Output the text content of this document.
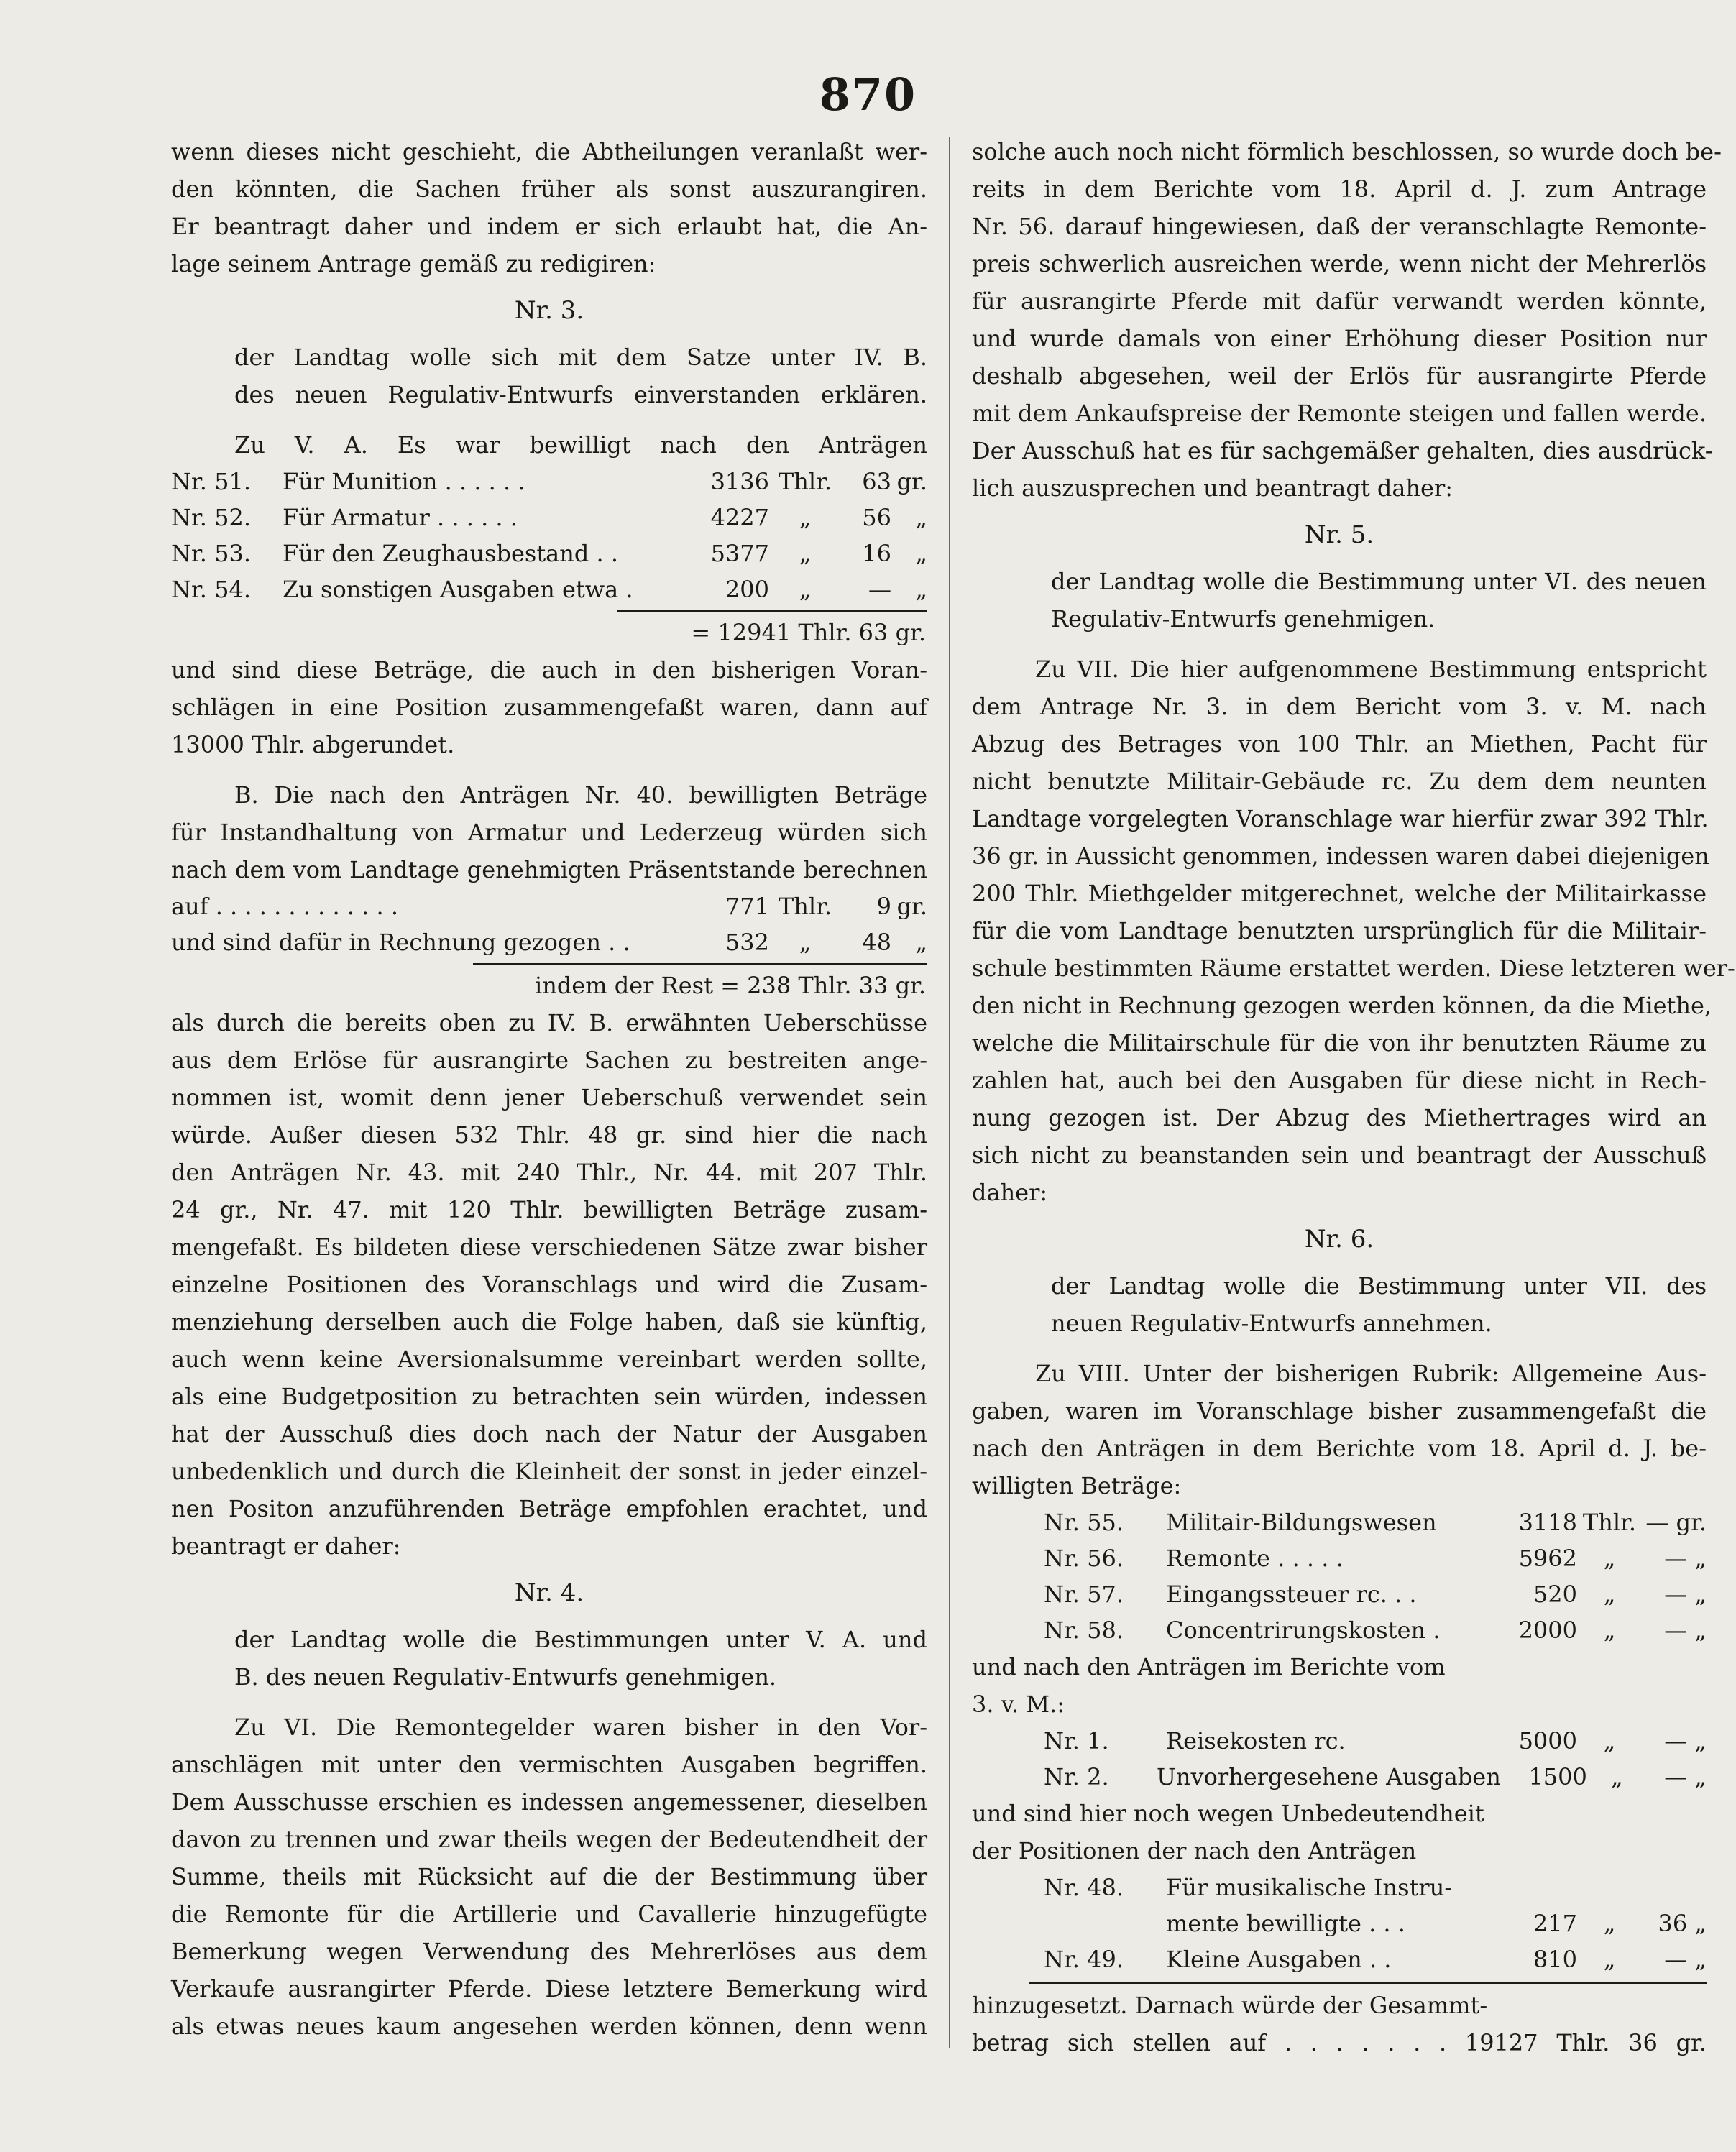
870

wenn dieses nicht geschieht, die Abtheilungen veranlaßt wer-

den könnten, die Sachen früher als sonst auszurangiren.

Er beantragt daher und indem er sich erlaubt hat, die An-

lage seinem Antrage gemäß zu redigiren:

Nr. 3.

der Landtag wolle sich mit dem Satze unter IV. B.

des neuen Regulativ-Entwurfs einverstanden erklären.

Zu V. A. Es war bewilligt nach den Anträgen

Nr. 51.	Für Munition . . . . . .	3136 Thlr.	63 gr.
Nr. 52.	Für Armatur . . . . . .	4227	„	56	„
Nr. 53.	Für den Zeughausbestand . .	5377	„	16	„
Nr. 54.	Zu sonstigen Ausgaben etwa .	200	„	—	„
= 12941 Thlr. 63 gr.

und sind diese Beträge, die auch in den bisherigen Voran-

schlägen in eine Position zusammengefaßt waren, dann auf

13000 Thlr. abgerundet.

B. Die nach den Anträgen Nr. 40. bewilligten Beträge

für Instandhaltung von Armatur und Lederzeug würden sich

nach dem vom Landtage genehmigten Präsentstande berechnen

auf . . . . . . . . . . . . .	771 Thlr.	9 gr.
und sind dafür in Rechnung gezogen . .	532	„	48	„
indem der Rest = 238 Thlr. 33 gr.

als durch die bereits oben zu IV. B. erwähnten Ueberschüsse

aus dem Erlöse für ausrangirte Sachen zu bestreiten ange-

nommen ist, womit denn jener Ueberschuß verwendet sein

würde. Außer diesen 532 Thlr. 48 gr. sind hier die nach

den Anträgen Nr. 43. mit 240 Thlr., Nr. 44. mit 207 Thlr.

24 gr., Nr. 47. mit 120 Thlr. bewilligten Beträge zusam-

mengefaßt. Es bildeten diese verschiedenen Sätze zwar bisher

einzelne Positionen des Voranschlags und wird die Zusam-

menziehung derselben auch die Folge haben, daß sie künftig,

auch wenn keine Aversionalsumme vereinbart werden sollte,

als eine Budgetposition zu betrachten sein würden, indessen

hat der Ausschuß dies doch nach der Natur der Ausgaben

unbedenklich und durch die Kleinheit der sonst in jeder einzel-

nen Positon anzuführenden Beträge empfohlen erachtet, und

beantragt er daher:

Nr. 4.

der Landtag wolle die Bestimmungen unter V. A. und

B. des neuen Regulativ-Entwurfs genehmigen.

Zu VI. Die Remontegelder waren bisher in den Vor-

anschlägen mit unter den vermischten Ausgaben begriffen.

Dem Ausschusse erschien es indessen angemessener, dieselben

davon zu trennen und zwar theils wegen der Bedeutendheit der

Summe, theils mit Rücksicht auf die der Bestimmung über

die Remonte für die Artillerie und Cavallerie hinzugefügte

Bemerkung wegen Verwendung des Mehrerlöses aus dem

Verkaufe ausrangirter Pferde. Diese letztere Bemerkung wird

als etwas neues kaum angesehen werden können, denn wenn

solche auch noch nicht förmlich beschlossen, so wurde doch be-

reits in dem Berichte vom 18. April d. J. zum Antrage

Nr. 56. darauf hingewiesen, daß der veranschlagte Remonte-

preis schwerlich ausreichen werde, wenn nicht der Mehrerlös

für ausrangirte Pferde mit dafür verwandt werden könnte,

und wurde damals von einer Erhöhung dieser Position nur

deshalb abgesehen, weil der Erlös für ausrangirte Pferde

mit dem Ankaufspreise der Remonte steigen und fallen werde.

Der Ausschuß hat es für sachgemäßer gehalten, dies ausdrück-

lich auszusprechen und beantragt daher:

Nr. 5.

der Landtag wolle die Bestimmung unter VI. des neuen

Regulativ-Entwurfs genehmigen.

Zu VII. Die hier aufgenommene Bestimmung entspricht

dem Antrage Nr. 3. in dem Bericht vom 3. v. M. nach

Abzug des Betrages von 100 Thlr. an Miethen, Pacht für

nicht benutzte Militair-Gebäude rc. Zu dem dem neunten

Landtage vorgelegten Voranschlage war hierfür zwar 392 Thlr.

36 gr. in Aussicht genommen, indessen waren dabei diejenigen

200 Thlr. Miethgelder mitgerechnet, welche der Militairkasse

für die vom Landtage benutzten ursprünglich für die Militair-

schule bestimmten Räume erstattet werden. Diese letzteren wer-

den nicht in Rechnung gezogen werden können, da die Miethe,

welche die Militairschule für die von ihr benutzten Räume zu

zahlen hat, auch bei den Ausgaben für diese nicht in Rech-

nung gezogen ist. Der Abzug des Miethertrages wird an

sich nicht zu beanstanden sein und beantragt der Ausschuß

daher:

Nr. 6.

der Landtag wolle die Bestimmung unter VII. des

neuen Regulativ-Entwurfs annehmen.

Zu VIII. Unter der bisherigen Rubrik: Allgemeine Aus-

gaben, waren im Voranschlage bisher zusammengefaßt die

nach den Anträgen in dem Berichte vom 18. April d. J. be-

willigten Beträge:

Nr. 55.	Militair-Bildungswesen	3118 Thlr. — gr.
Nr. 56.	Remonte . . . . .	5962	„	— „
Nr. 57.	Eingangssteuer rc. . .	520	„	— „
Nr. 58.	Concentrirungskosten .	2000	„	— „

und nach den Anträgen im Berichte vom

3. v. M.:

Nr. 1.	Reisekosten rc.	5000	„	— „
Nr. 2.	Unvorhergesehene Ausgaben	1500	„	— „

und sind hier noch wegen Unbedeutendheit

der Positionen der nach den Anträgen

Nr. 48.	Für musikalische Instru-
mente bewilligte . . .	217	„	36 „
Nr. 49.	Kleine Ausgaben . .	810	„	— „

hinzugesetzt. Darnach würde der Gesammt-

betrag sich stellen auf . . . . . . . 19127 Thlr. 36 gr.
